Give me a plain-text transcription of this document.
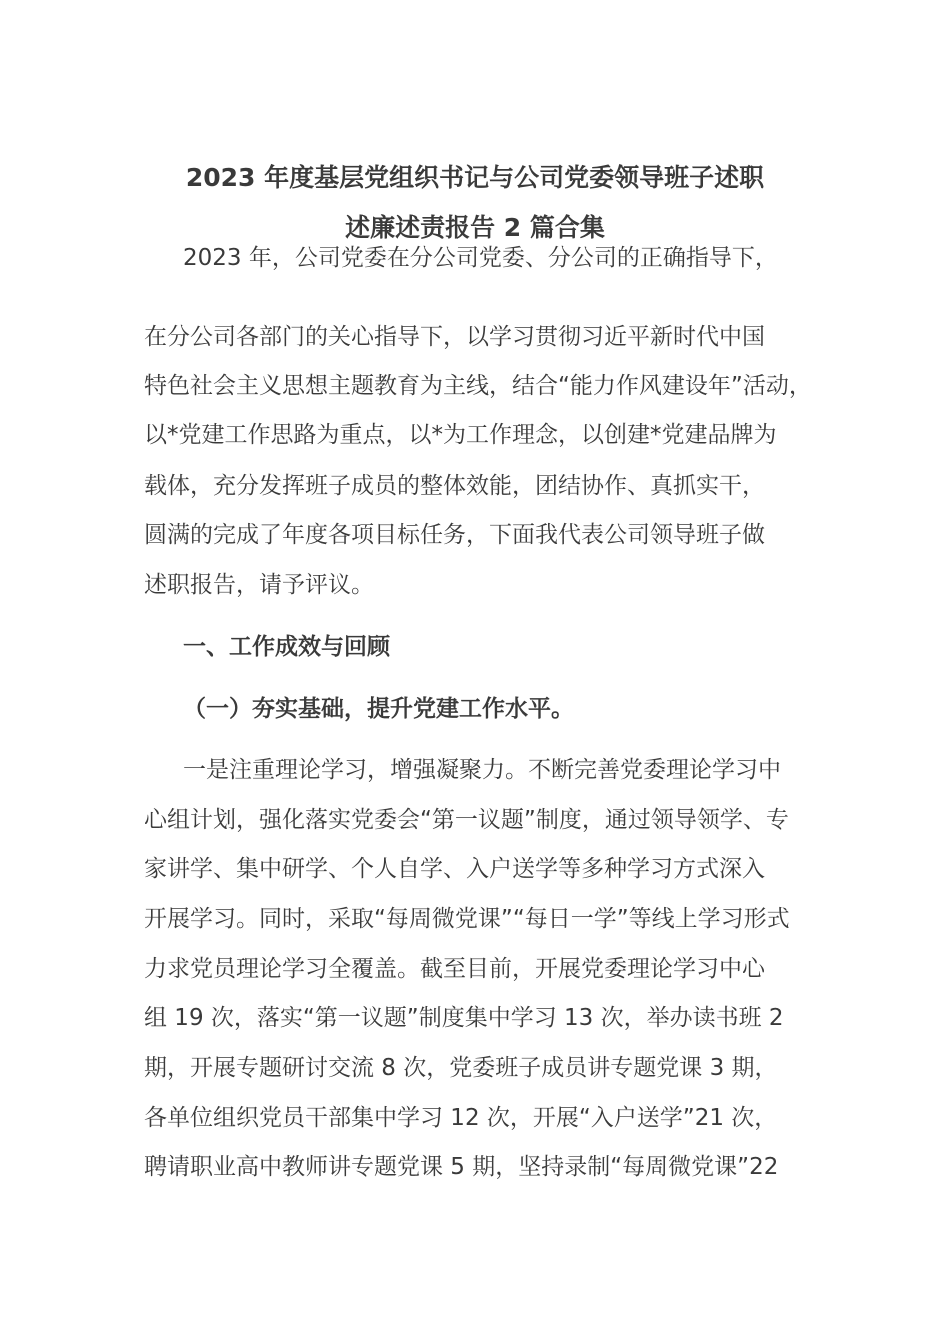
2023 年度基层党组织书记与公司党委领导班子述职
述廉述责报告 2 篇合集
2023 年，公司党委在分公司党委、分公司的正确指导下，
在分公司各部门的关心指导下，以学习贯彻习近平新时代中国
特色社会主义思想主题教育为主线，结合“能力作风建设年”活动，
以*党建工作思路为重点，以*为工作理念，以创建*党建品牌为
载体，充分发挥班子成员的整体效能，团结协作、真抓实干，
圆满的完成了年度各项目标任务，下面我代表公司领导班子做
述职报告，请予评议。
一、工作成效与回顾
（一）夯实基础，提升党建工作水平。
一是注重理论学习，增强凝聚力。不断完善党委理论学习中
心组计划，强化落实党委会“第一议题”制度，通过领导领学、专
家讲学、集中研学、个人自学、入户送学等多种学习方式深入
开展学习。同时，采取“每周微党课”“每日一学”等线上学习形式
力求党员理论学习全覆盖。截至目前，开展党委理论学习中心
组 19 次，落实“第一议题”制度集中学习 13 次，举办读书班 2
期，开展专题研讨交流 8 次，党委班子成员讲专题党课 3 期，
各单位组织党员干部集中学习 12 次，开展“入户送学”21 次，
聘请职业高中教师讲专题党课 5 期，坚持录制“每周微党课”22
